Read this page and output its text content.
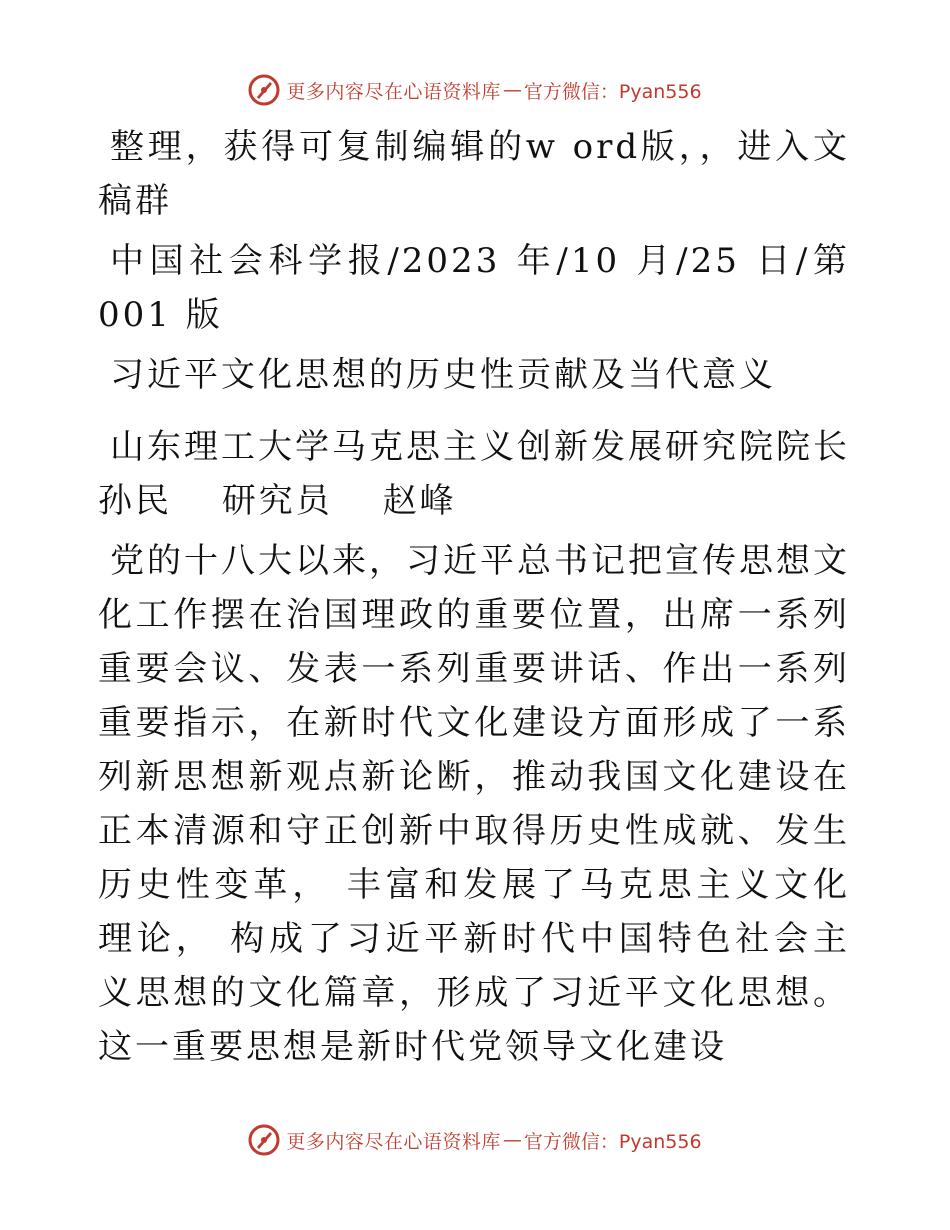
更多内容尽在心语资料库 — 官方微信：Pyan556

整理，获得可复制编辑的w ord版，，进入文稿群

中国社会科学报/2023 年/10 月/25 日/第 001 版

习近平文化思想的历史性贡献及当代意义

山东理工大学马克思主义创新发展研究院院长

孙民 研究员 赵峰

党的十八大以来，习近平总书记把宣传思想文化工作摆在治国理政的重要位置，出席一系列重要会议、发表一系列重要讲话、作出一系列重要指示，在新时代文化建设方面形成了一系列新思想新观点新论断，推动我国文化建设在正本清源和守正创新中取得历史性成就、发生历史性变革， 丰富和发展了马克思主义文化理论， 构成了习近平新时代中国特色社会主义思想的文化篇章，形成了习近平文化思想。这一重要思想是新时代党领导文化建设

更多内容尽在心语资料库 — 官方微信：Pyan556
